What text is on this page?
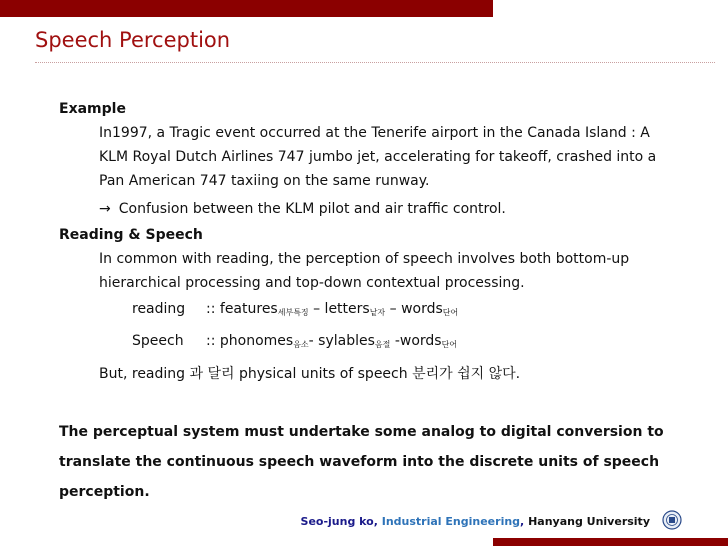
Speech Perception
Example
In1997, a Tragic event occurred at the Tenerife airport in the Canada Island : A
KLM Royal Dutch Airlines 747 jumbo jet, accelerating for takeoff, crashed into a
Pan American 747 taxiing on the same runway.
→ Confusion between the KLM pilot and air traffic control.
Reading & Speech
In common with reading, the perception of speech involves both bottom-up
hierarchical processing and top-down contextual processing.
reading	:: features세부특징 – letters낱자 – words단어
Speech	:: phonomes음소- sylables음절 -words단어
But, reading 과 달리 physical units of speech 분리가 쉽지 않다.
The perceptual system must undertake some analog to digital conversion to
translate the continuous speech waveform into the discrete units of speech
perception.
Seo-jung ko, Industrial Engineering, Hanyang University
